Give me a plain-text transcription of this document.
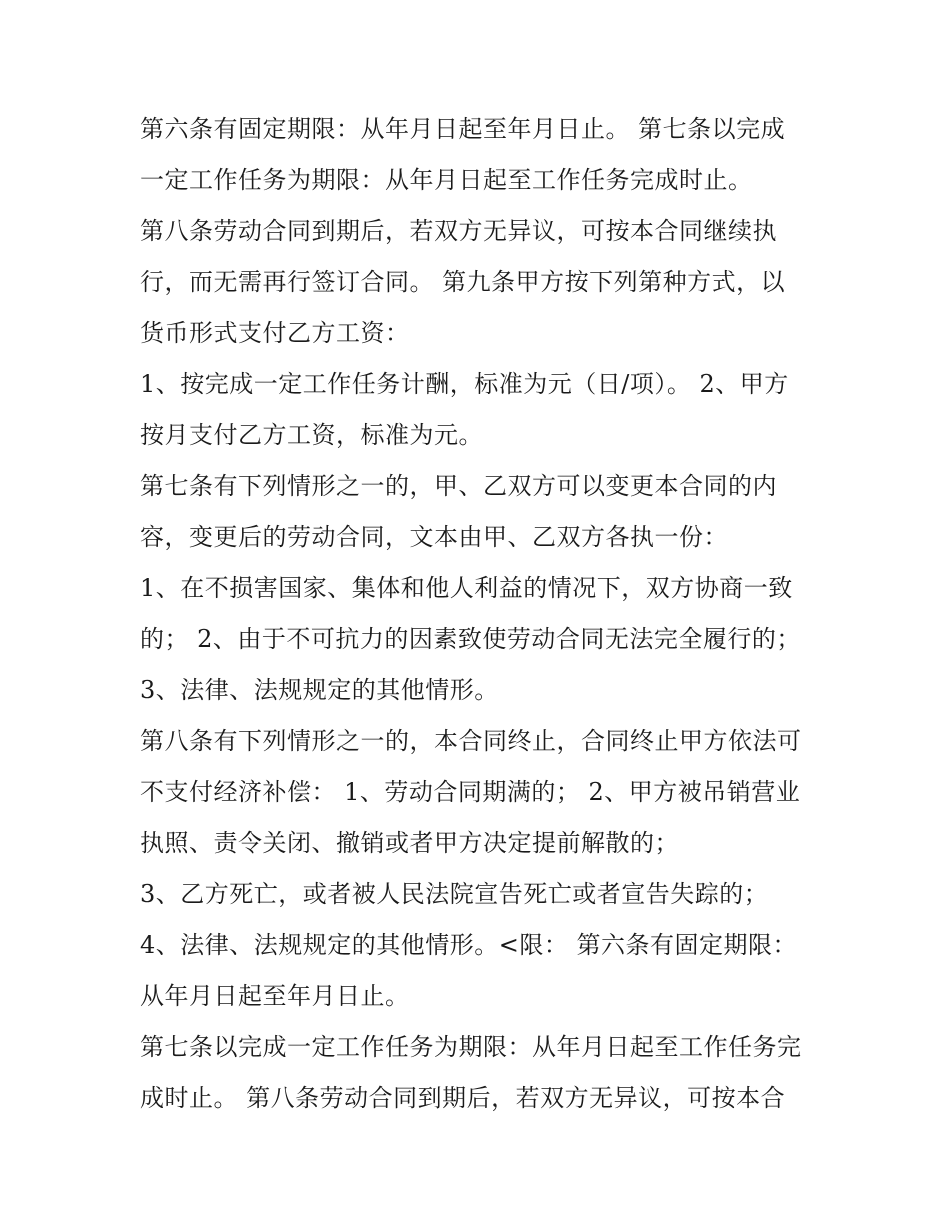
第六条有固定期限：从年月日起至年月日止。 第七条以完成
一定工作任务为期限：从年月日起至工作任务完成时止。
第八条劳动合同到期后，若双方无异议，可按本合同继续执
行，而无需再行签订合同。 第九条甲方按下列第种方式，以
货币形式支付乙方工资：
1、按完成一定工作任务计酬，标准为元（日/项）。 2、甲方
按月支付乙方工资，标准为元。
第七条有下列情形之一的，甲、乙双方可以变更本合同的内
容，变更后的劳动合同，文本由甲、乙双方各执一份：
1、在不损害国家、集体和他人利益的情况下，双方协商一致
的； 2、由于不可抗力的因素致使劳动合同无法完全履行的；
3、法律、法规规定的其他情形。
第八条有下列情形之一的，本合同终止，合同终止甲方依法可
不支付经济补偿： 1、劳动合同期满的； 2、甲方被吊销营业
执照、责令关闭、撤销或者甲方决定提前解散的；
3、乙方死亡，或者被人民法院宣告死亡或者宣告失踪的；
4、法律、法规规定的其他情形。<限： 第六条有固定期限：
从年月日起至年月日止。
第七条以完成一定工作任务为期限：从年月日起至工作任务完
成时止。 第八条劳动合同到期后，若双方无异议，可按本合
